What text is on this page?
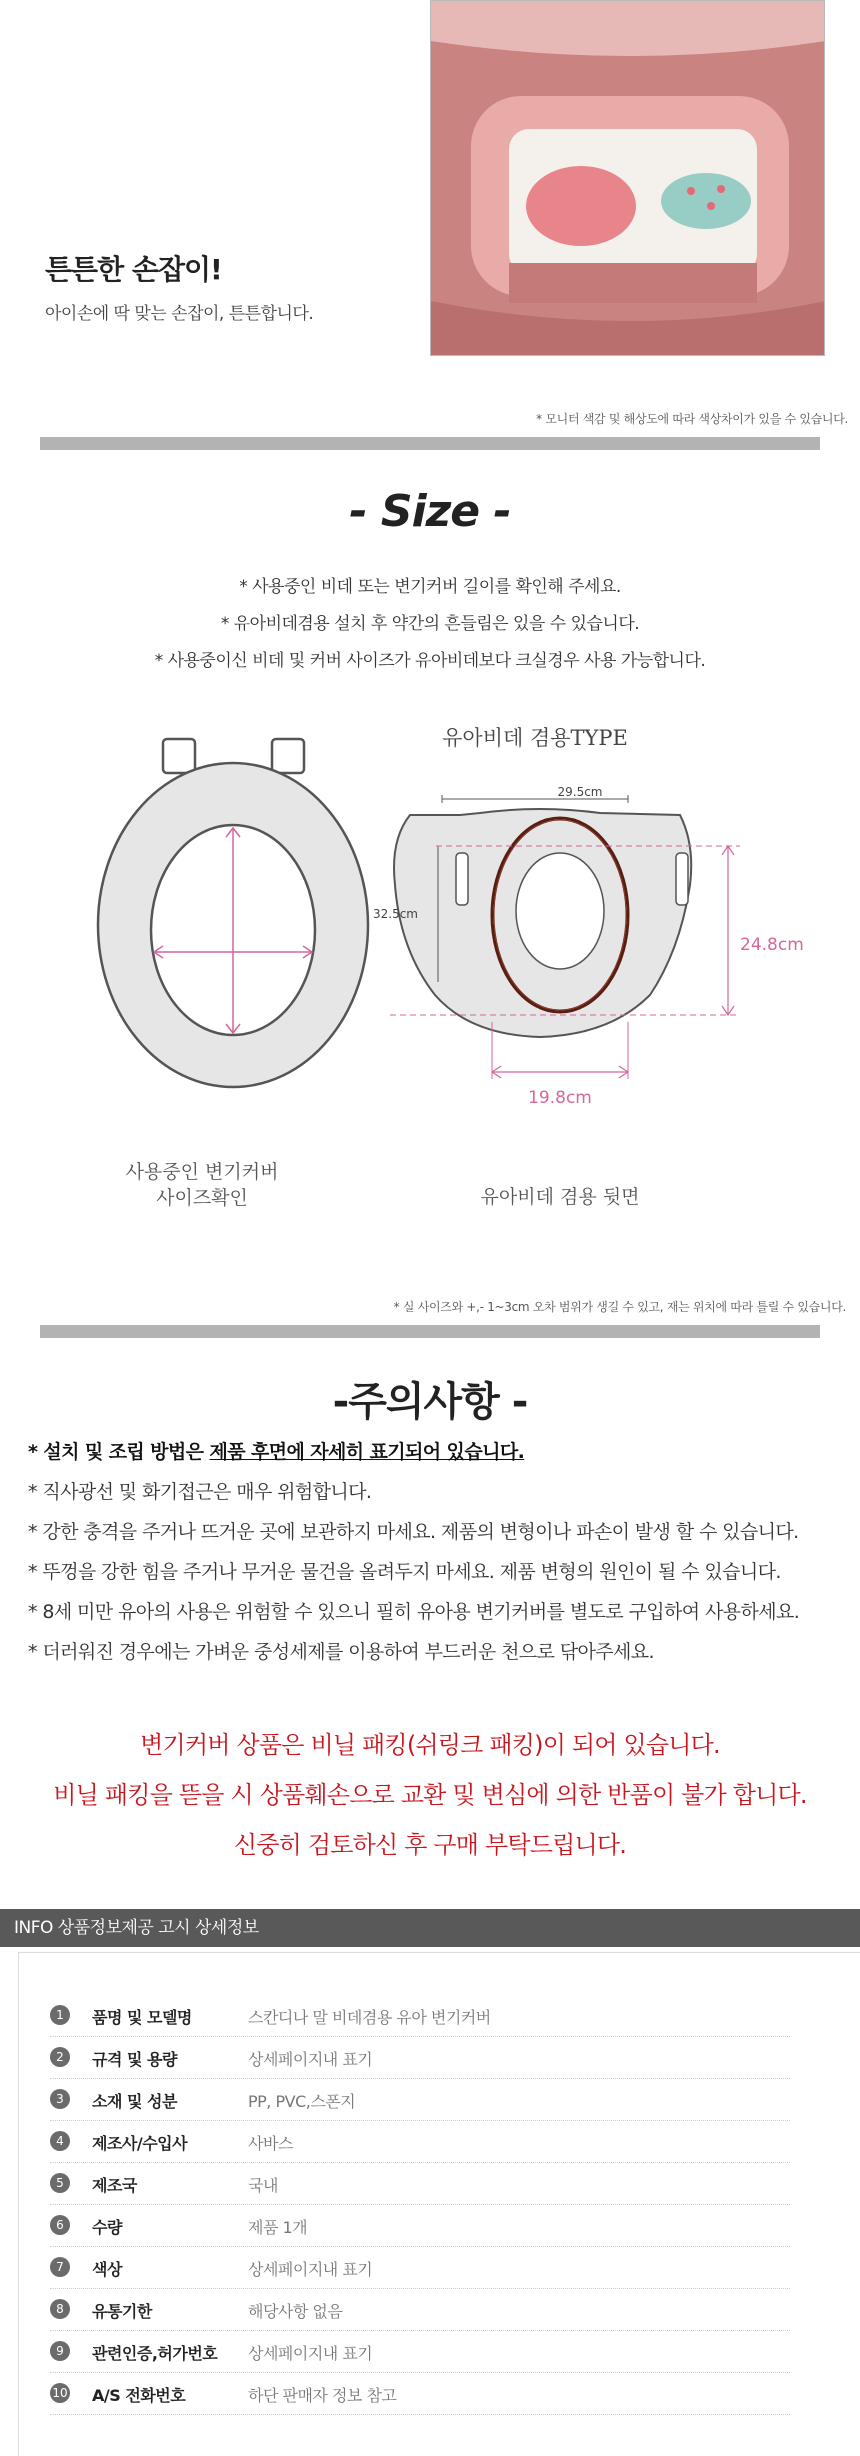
튼튼한 손잡이!
아이손에 딱 맞는 손잡이, 튼튼합니다.
* 모니터 색감 및 해상도에 따라 색상차이가 있을 수 있습니다.
- Size -
* 사용중인 비데 또는 변기커버 길이를 확인해 주세요.
* 유아비데겸용 설치 후 약간의 흔들림은 있을 수 있습니다.
* 사용중이신 비데 및 커버 사이즈가 유아비데보다 크실경우 사용 가능합니다.
사용중인 변기커버
사이즈확인
유아비데 겸용TYPE
29.5cm
32.5cm
24.8cm
19.8cm
유아비데 겸용 뒷면
* 실 사이즈와 +,- 1~3cm 오차 범위가 생길 수 있고, 재는 위치에 따라 틀릴 수 있습니다.
-주의사항 -
* 설치 및 조립 방법은 제품 후면에 자세히 표기되어 있습니다.
* 직사광선 및 화기접근은 매우 위험합니다.
* 강한 충격을 주거나 뜨거운 곳에 보관하지 마세요. 제품의 변형이나 파손이 발생 할 수 있습니다.
* 뚜껑을 강한 힘을 주거나 무거운 물건을 올려두지 마세요. 제품 변형의 원인이 될 수 있습니다.
* 8세 미만 유아의 사용은 위험할 수 있으니 필히 유아용 변기커버를 별도로 구입하여 사용하세요.
* 더러워진 경우에는 가벼운 중성세제를 이용하여 부드러운 천으로 닦아주세요.
변기커버 상품은 비닐 패킹(쉬링크 패킹)이 되어 있습니다.
비닐 패킹을 뜯을 시 상품훼손으로 교환 및 변심에 의한 반품이 불가 합니다.
신중히 검토하신 후 구매 부탁드립니다.
INFO 상품정보제공 고시 상세정보
1	품명 및 모델명	스칸디나 말 비데겸용 유아 변기커버
2	규격 및 용량	상세페이지내 표기
3	소재 및 성분	PP, PVC,스폰지
4	제조사/수입사	사바스
5	제조국	국내
6	수량	제품 1개
7	색상	상세페이지내 표기
8	유통기한	해당사항 없음
9	관련인증,허가번호 상세페이지내 표기
10 A/S 전화번호	하단 판매자 정보 참고
